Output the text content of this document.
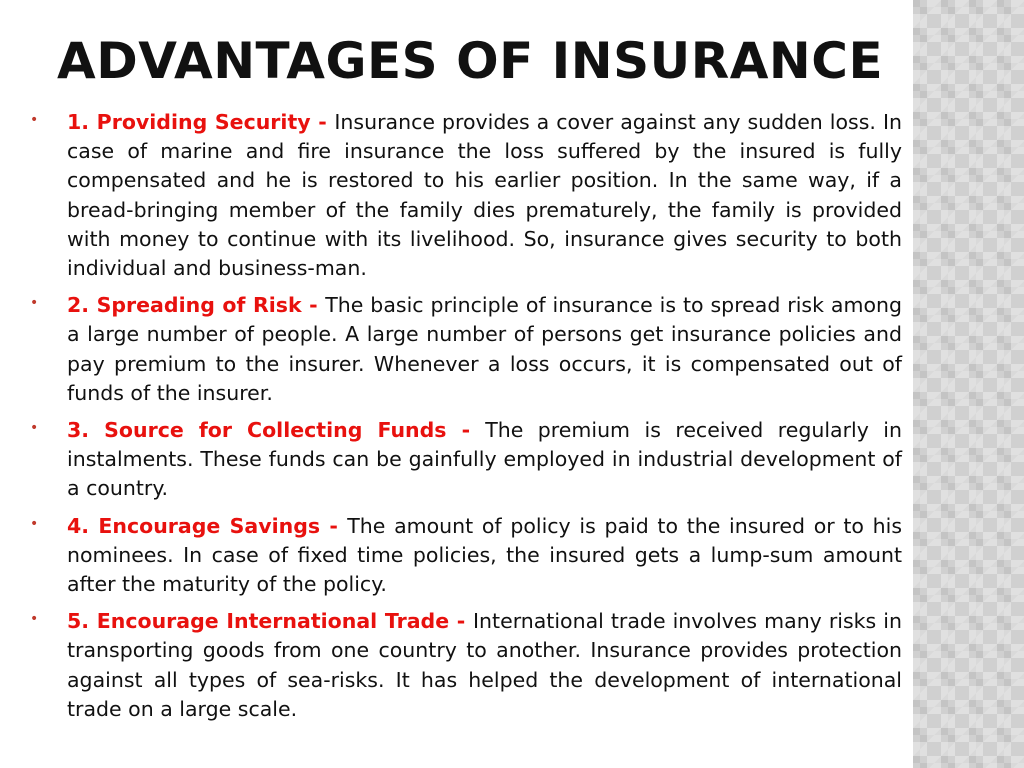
ADVANTAGES OF INSURANCE

• 1. Providing Security - Insurance provides a cover against any sudden loss. In case of marine and fire insurance the loss suffered by the insured is fully compensated and he is restored to his earlier position. In the same way, if a bread-bringing member of the family dies prematurely, the family is provided with money to continue with its livelihood. So, insurance gives security to both individual and business-man.

• 2. Spreading of Risk - The basic principle of insurance is to spread risk among a large number of people. A large number of persons get insurance policies and pay premium to the insurer. Whenever a loss occurs, it is compensated out of funds of the insurer.

• 3. Source for Collecting Funds - The premium is received regularly in instalments. These funds can be gainfully employed in industrial development of a country.

• 4. Encourage Savings - The amount of policy is paid to the insured or to his nominees. In case of fixed time policies, the insured gets a lump-sum amount after the maturity of the policy.

• 5. Encourage International Trade - International trade involves many risks in transporting goods from one country to another. Insurance provides protection against all types of sea-risks. It has helped the development of international trade on a large scale.
